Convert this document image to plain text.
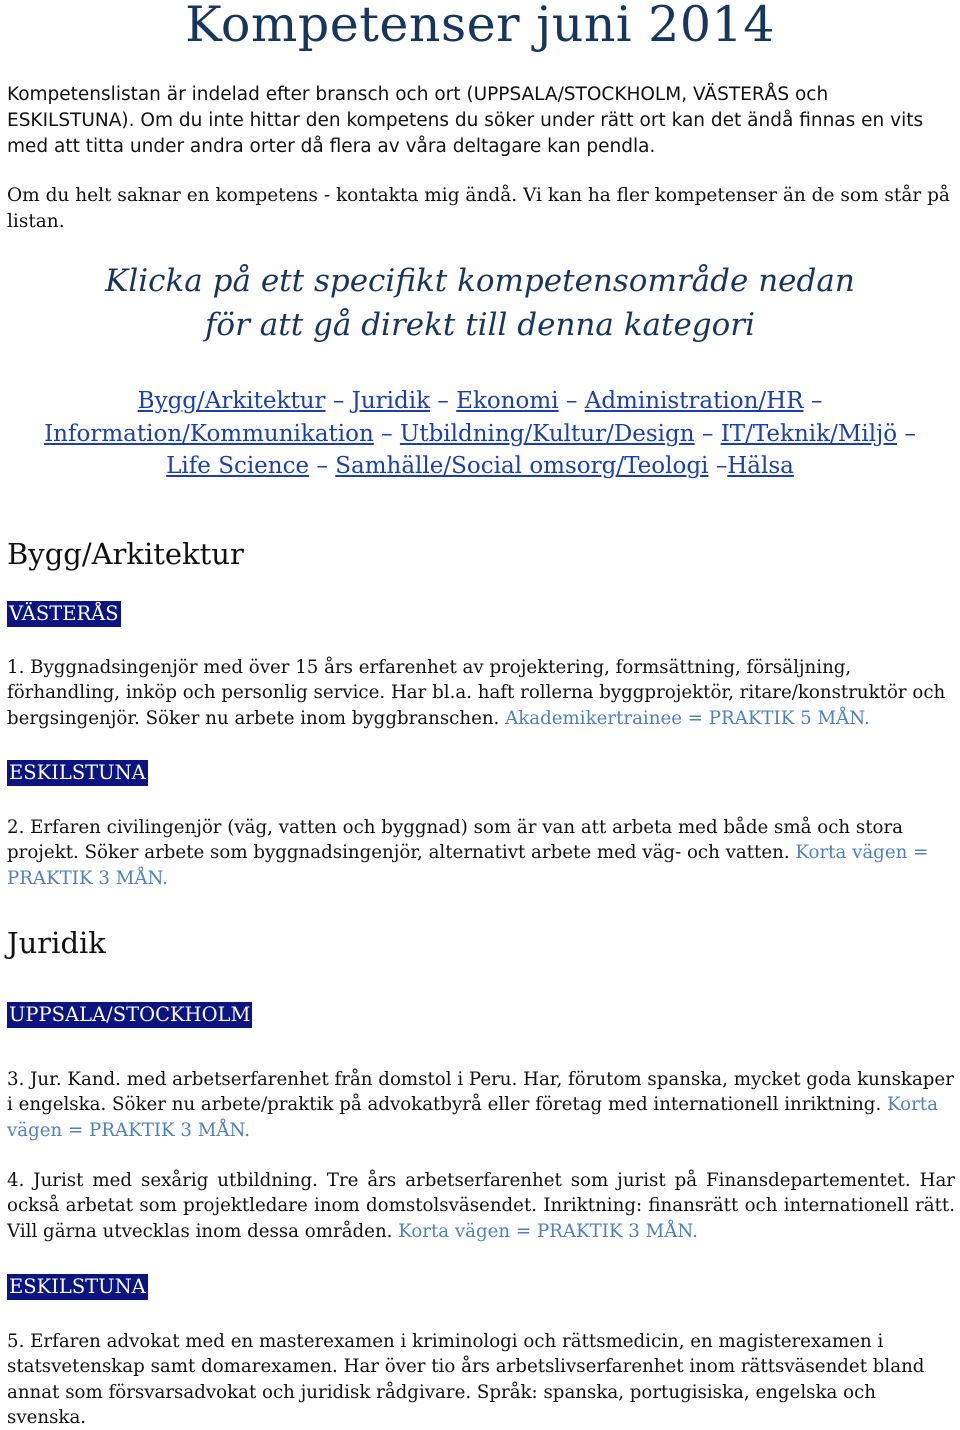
Kompetenser juni 2014
Kompetenslistan är indelad efter bransch och ort (UPPSALA/STOCKHOLM, VÄSTERÅS och ESKILSTUNA). Om du inte hittar den kompetens du söker under rätt ort kan det ändå finnas en vits med att titta under andra orter då flera av våra deltagare kan pendla.
Om du helt saknar en kompetens - kontakta mig ändå. Vi kan ha fler kompetenser än de som står på listan.
Klicka på ett specifikt kompetensområde nedan
för att gå direkt till denna kategori
Bygg/Arkitektur – Juridik – Ekonomi – Administration/HR –
Information/Kommunikation – Utbildning/Kultur/Design – IT/Teknik/Miljö –
Life Science – Samhälle/Social omsorg/Teologi –Hälsa
Bygg/Arkitektur
VÄSTERÅS
1. Byggnadsingenjör med över 15 års erfarenhet av projektering, formsättning, försäljning, förhandling, inköp och personlig service. Har bl.a. haft rollerna byggprojektör, ritare/konstruktör och bergsingenjör. Söker nu arbete inom byggbranschen. Akademikertrainee = PRAKTIK 5 MÅN.
ESKILSTUNA
2. Erfaren civilingenjör (väg, vatten och byggnad) som är van att arbeta med både små och stora projekt. Söker arbete som byggnadsingenjör, alternativt arbete med väg- och vatten. Korta vägen = PRAKTIK 3 MÅN.
Juridik
UPPSALA/STOCKHOLM
3. Jur. Kand. med arbetserfarenhet från domstol i Peru. Har, förutom spanska, mycket goda kunskaper i engelska. Söker nu arbete/praktik på advokatbyrå eller företag med internationell inriktning. Korta vägen = PRAKTIK 3 MÅN.
4. Jurist med sexårig utbildning. Tre års arbetserfarenhet som jurist på Finansdepartementet. Har också arbetat som projektledare inom domstolsväsendet. Inriktning: finansrätt och internationell rätt. Vill gärna utvecklas inom dessa områden. Korta vägen = PRAKTIK 3 MÅN.
ESKILSTUNA
5. Erfaren advokat med en masterexamen i kriminologi och rättsmedicin, en magisterexamen i statsvetenskap samt domarexamen. Har över tio års arbetslivserfarenhet inom rättsväsendet bland annat som försvarsadvokat och juridisk rådgivare. Språk: spanska, portugisiska, engelska och svenska.
